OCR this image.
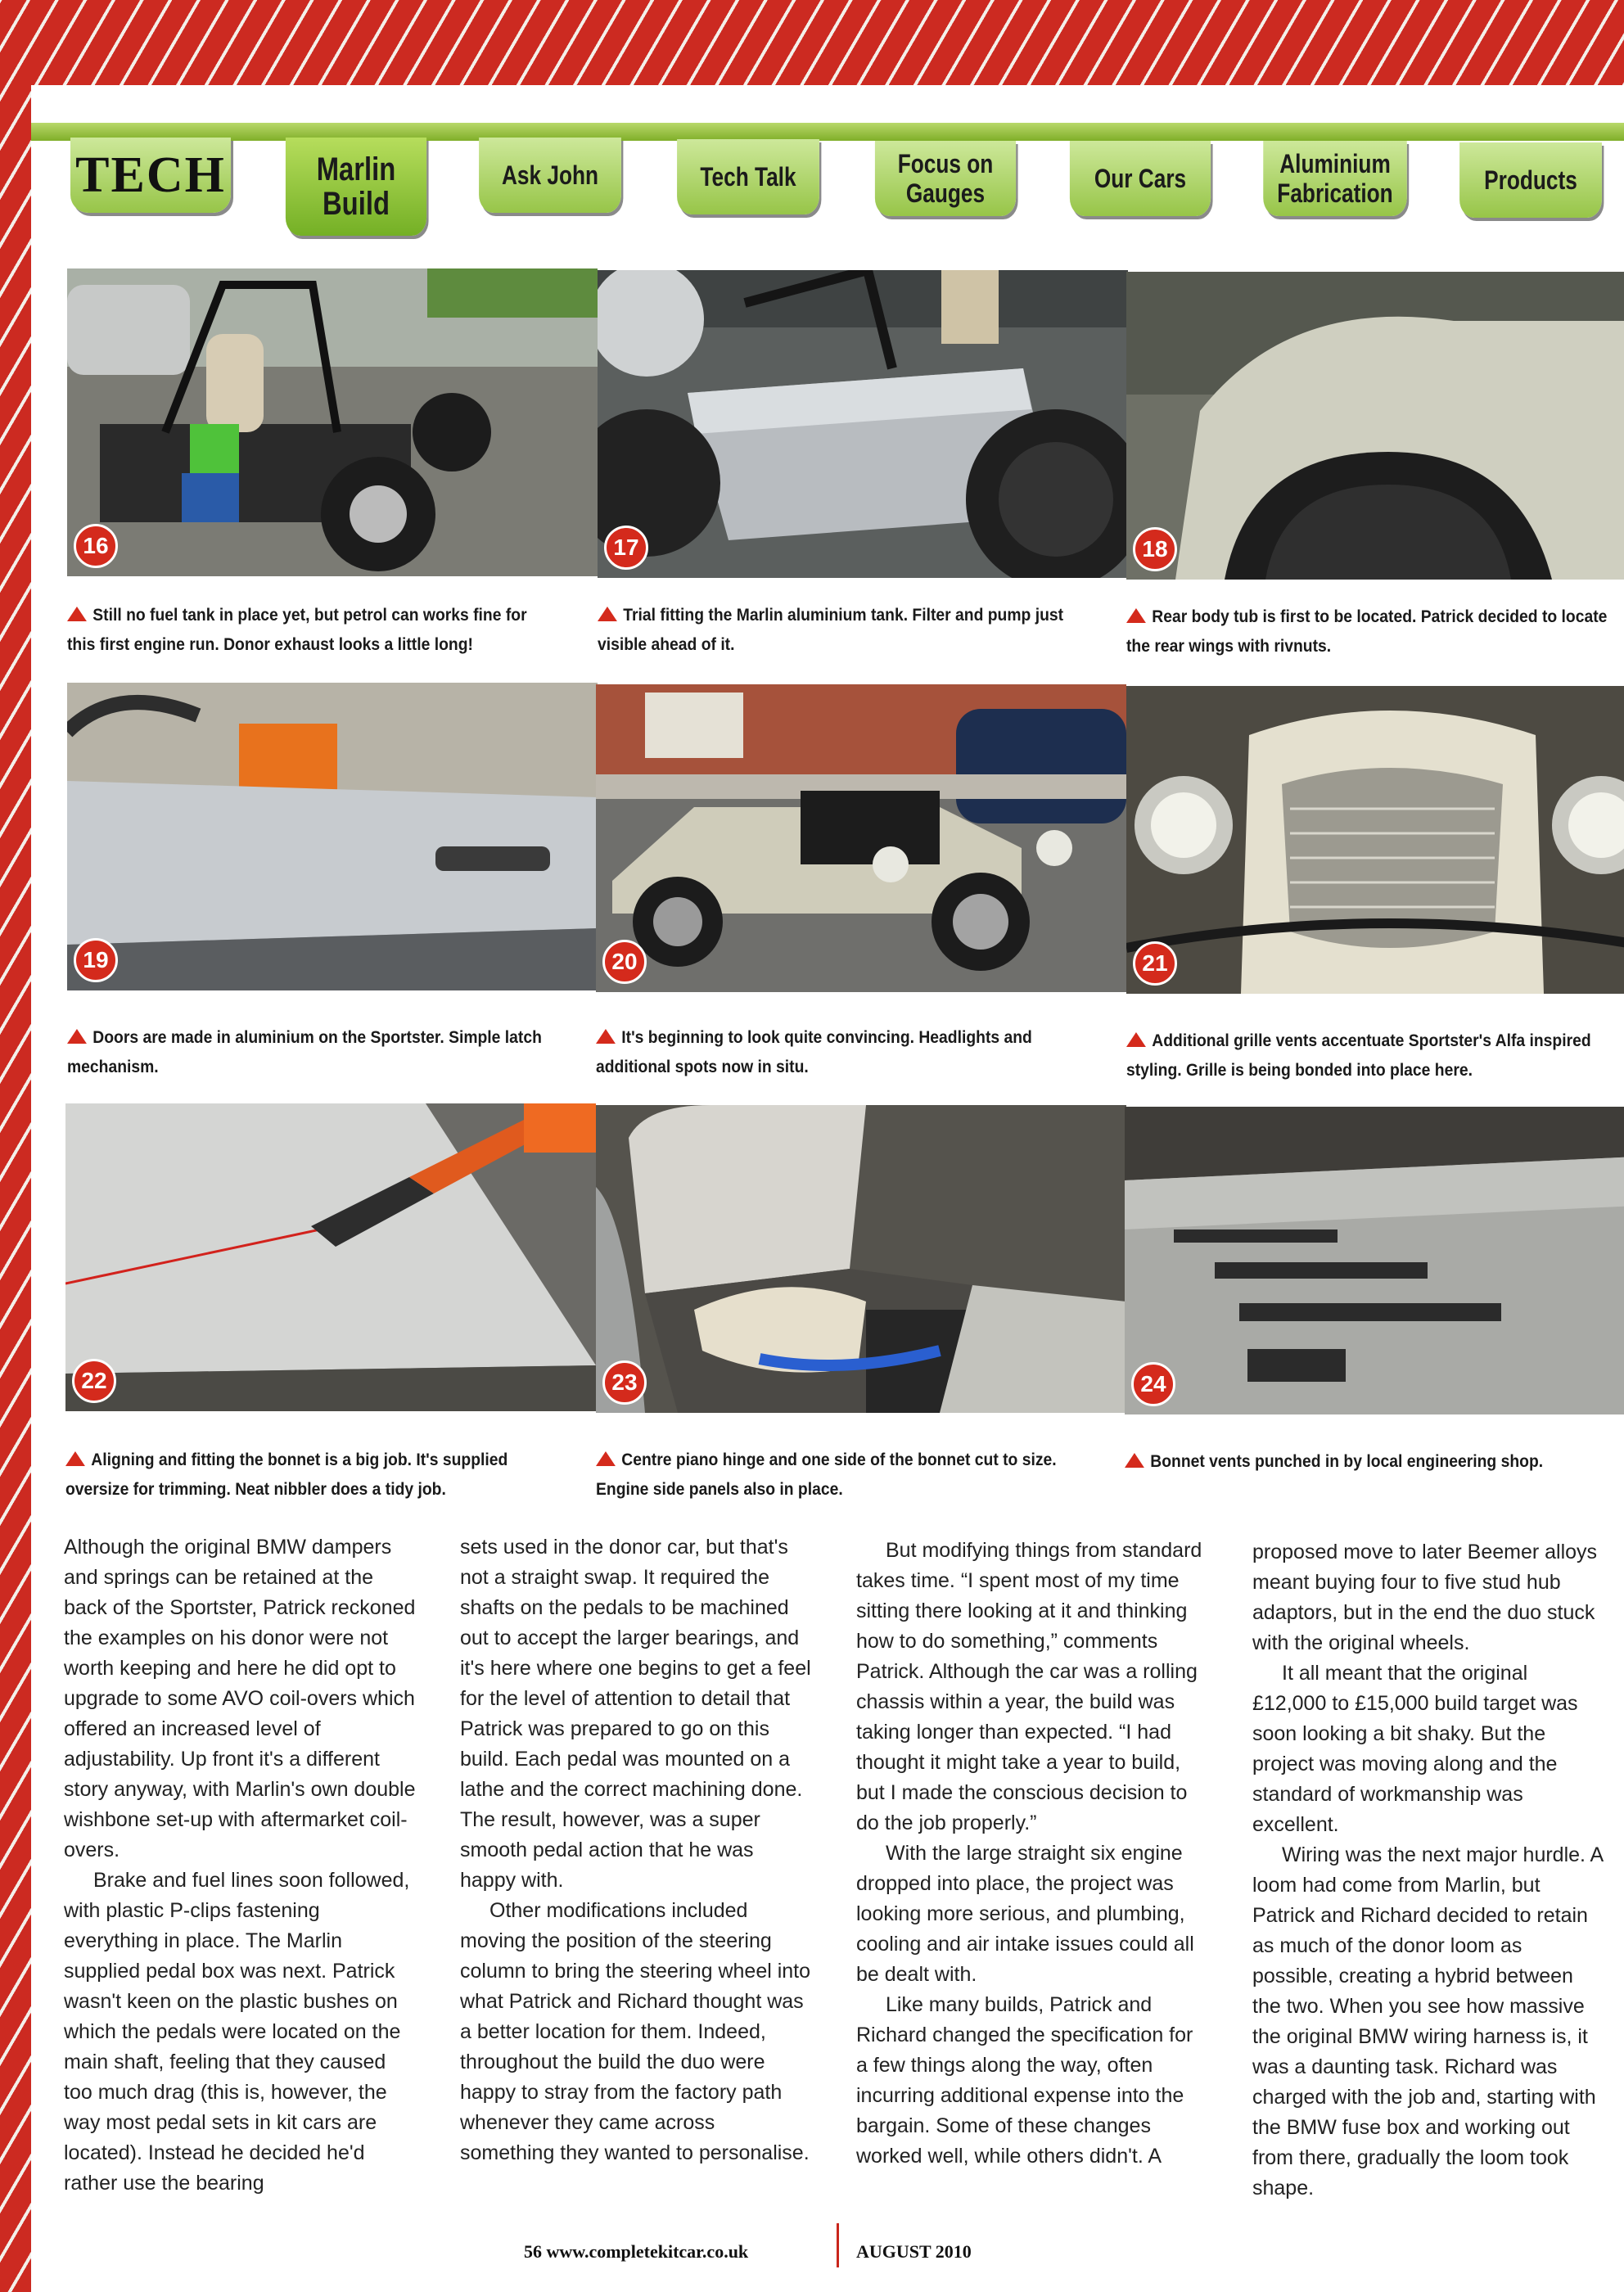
TECH	Marlin
Build
Ask John	Tech Talk	Focus on
Gauges	Our Cars	Aluminium
Fabrication	Products
16	17	18
Still no fuel tank in place yet, but petrol can works fine for this first engine run. Donor exhaust looks a little long!
Trial fitting the Marlin aluminium tank. Filter and pump just visible ahead of it.
Rear body tub is first to be located. Patrick decided to locate the rear wings with rivnuts.
19	20	21
Doors are made in aluminium on the Sportster. Simple latch mechanism.
It's beginning to look quite convincing. Headlights and additional spots now in situ.
Additional grille vents accentuate Sportster's Alfa inspired styling. Grille is being bonded into place here.
22	23	24
Aligning and fitting the bonnet is a big job. It's supplied oversize for trimming. Neat nibbler does a tidy job.
Centre piano hinge and one side of the bonnet cut to size. Engine side panels also in place.
Bonnet vents punched in by local engineering shop.

Although the original BMW dampers and springs can be retained at the back of the Sportster, Patrick reckoned the examples on his donor were not worth keeping and here he did opt to upgrade to some AVO coil-overs which offered an increased level of adjustability. Up front it's a different story anyway, with Marlin's own double wishbone set-up with aftermarket coil-overs.

Brake and fuel lines soon followed, with plastic P-clips fastening everything in place. The Marlin supplied pedal box was next. Patrick wasn't keen on the plastic bushes on which the pedals were located on the main shaft, feeling that they caused too much drag (this is, however, the way most pedal sets in kit cars are located). Instead he decided he'd rather use the bearing

sets used in the donor car, but that's not a straight swap. It required the shafts on the pedals to be machined out to accept the larger bearings, and it's here where one begins to get a feel for the level of attention to detail that Patrick was prepared to go on this build. Each pedal was mounted on a lathe and the correct machining done. The result, however, was a super smooth pedal action that he was happy with.

Other modifications included moving the position of the steering column to bring the steering wheel into what Patrick and Richard thought was a better location for them. Indeed, throughout the build the duo were happy to stray from the factory path whenever they came across something they wanted to personalise.

But modifying things from standard takes time. “I spent most of my time sitting there looking at it and thinking how to do something,” comments Patrick. Although the car was a rolling chassis within a year, the build was taking longer than expected. “I had thought it might take a year to build, but I made the conscious decision to do the job properly.”

With the large straight six engine dropped into place, the project was looking more serious, and plumbing, cooling and air intake issues could all be dealt with.

Like many builds, Patrick and Richard changed the specification for a few things along the way, often incurring additional expense into the bargain. Some of these changes worked well, while others didn't. A

proposed move to later Beemer alloys meant buying four to five stud hub adaptors, but in the end the duo stuck with the original wheels.

It all meant that the original £12,000 to £15,000 build target was soon looking a bit shaky. But the project was moving along and the standard of workmanship was excellent.

Wiring was the next major hurdle. A loom had come from Marlin, but Patrick and Richard decided to retain as much of the donor loom as possible, creating a hybrid between the two. When you see how massive the original BMW wiring harness is, it was a daunting task. Richard was charged with the job and, starting with the BMW fuse box and working out from there, gradually the loom took shape.

56 www.completekitcar.co.uk	AUGUST 2010
